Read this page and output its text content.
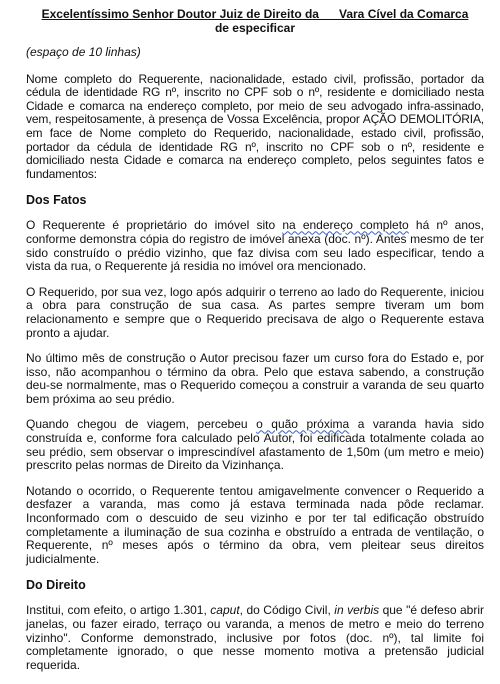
Excelentíssimo Senhor Doutor Juiz de Direito da __ Vara Cível da Comarca
de especificar

(espaço de 10 linhas)

Nome completo do Requerente, nacionalidade, estado civil, profissão, portador da cédula de identidade RG nº, inscrito no CPF sob o nº, residente e domiciliado nesta Cidade e comarca na endereço completo, por meio de seu advogado infra-assinado, vem, respeitosamente, à presença de Vossa Excelência, propor AÇÃO DEMOLITÓRIA, em face de Nome completo do Requerido, nacionalidade, estado civil, profissão, portador da cédula de identidade RG nº, inscrito no CPF sob o nº, residente e domiciliado nesta Cidade e comarca na endereço completo, pelos seguintes fatos e fundamentos:

Dos Fatos

O Requerente é proprietário do imóvel sito na endereço completo há nº anos, conforme demonstra cópia do registro de imóvel anexa (doc. nº). Antes mesmo de ter sido construído o prédio vizinho, que faz divisa com seu lado especificar, tendo a vista da rua, o Requerente já residia no imóvel ora mencionado.

O Requerido, por sua vez, logo após adquirir o terreno ao lado do Requerente, iniciou a obra para construção de sua casa. As partes sempre tiveram um bom relacionamento e sempre que o Requerido precisava de algo o Requerente estava pronto a ajudar.

No último mês de construção o Autor precisou fazer um curso fora do Estado e, por isso, não acompanhou o término da obra. Pelo que estava sabendo, a construção deu-se normalmente, mas o Requerido começou a construir a varanda de seu quarto bem próxima ao seu prédio.

Quando chegou de viagem, percebeu o quão próxima a varanda havia sido construída e, conforme fora calculado pelo Autor, foi edificada totalmente colada ao seu prédio, sem observar o imprescindível afastamento de 1,50m (um metro e meio) prescrito pelas normas de Direito da Vizinhança.

Notando o ocorrido, o Requerente tentou amigavelmente convencer o Requerido a desfazer a varanda, mas como já estava terminada nada pôde reclamar. Inconformado com o descuido de seu vizinho e por ter tal edificação obstruído completamente a iluminação de sua cozinha e obstruído a entrada de ventilação, o Requerente, nº meses após o término da obra, vem pleitear seus direitos judicialmente.

Do Direito

Institui, com efeito, o artigo 1.301, caput, do Código Civil, in verbis que "é defeso abrir janelas, ou fazer eirado, terraço ou varanda, a menos de metro e meio do terreno vizinho". Conforme demonstrado, inclusive por fotos (doc. nº), tal limite foi completamente ignorado, o que nesse momento motiva a pretensão judicial requerida.
